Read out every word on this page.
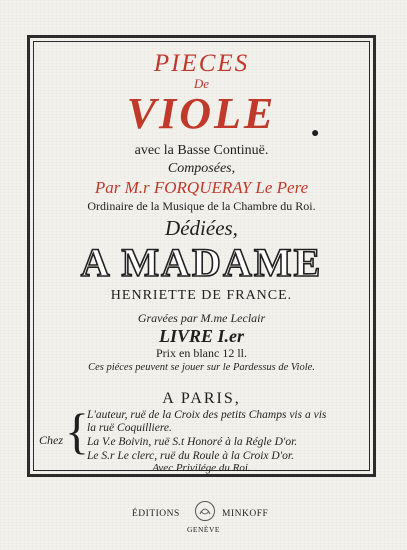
PIECES
De
VIOLE	●
avec la Basse Continuë.
Composées,
Par M.r FORQUERAY Le Pere
Ordinaire de la Musique de la Chambre du Roi.
Dédiées,
A MADAME
HENRIETTE DE FRANCE.
Gravées par M.me Leclair
LIVRE I.er
Prix en blanc 12 ll.
Ces piéces peuvent se jouer sur le Pardessus de Viole.
A PARIS,
Chez {
L'auteur, ruë de la Croix des petits Champs vis a vis
la ruë Coquilliere.
La V.e Boivin, ruë S.t Honoré à la Régle D'or.
Le S.r Le clerc, ruë du Roule à la Croix D'or.
Avec Privilége du Roi.
ÉDITIONS	MINKOFF
GENÈVE
